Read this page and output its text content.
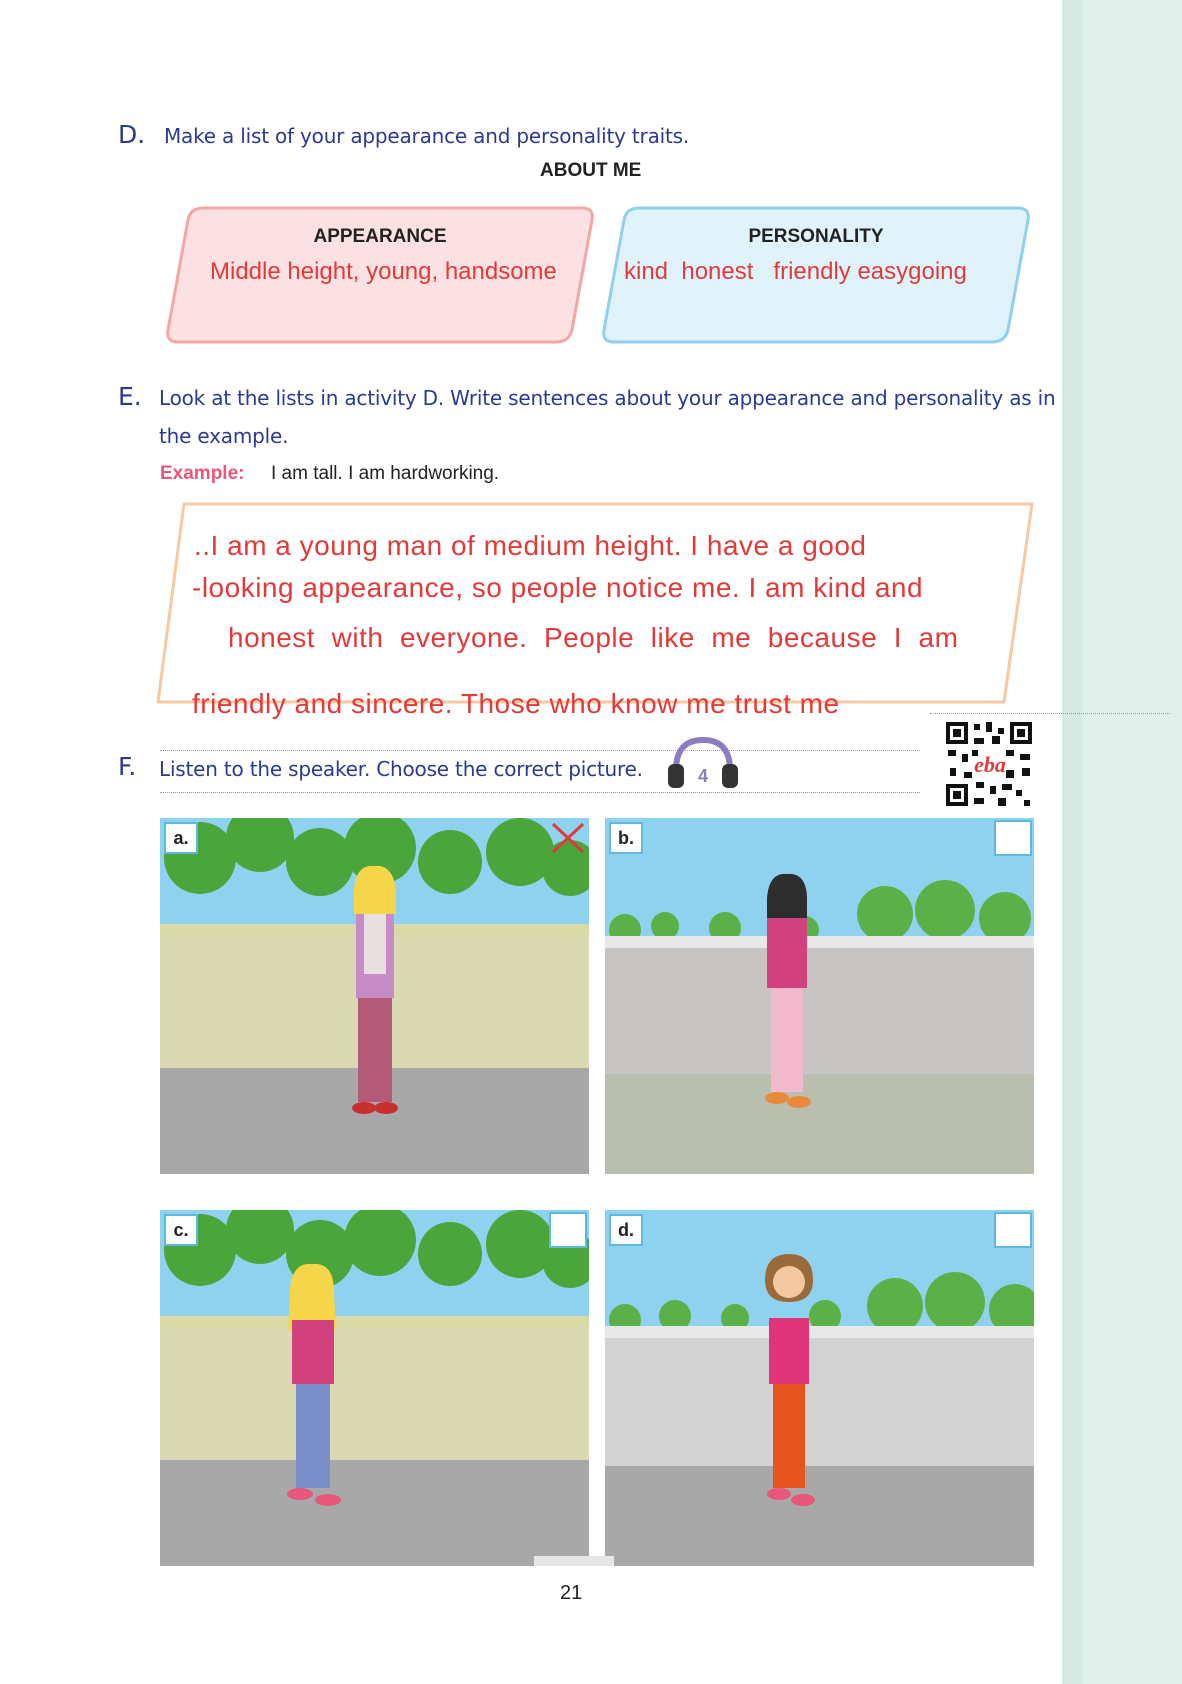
D. Make a list of your appearance and personality traits.
ABOUT ME
APPEARANCE
Middle height, young, handsome
PERSONALITY
kind  honest   friendly easygoing
E. Look at the lists in activity D. Write sentences about your appearance and personality as in
the example.
Example: I am tall. I am hardworking.
..I am a young man of medium height. I have a good
-looking appearance, so people notice me. I am kind and
honest  with  everyone.  People  like  me  because  I  am
friendly and sincere. Those who know me trust me
F. Listen to the speaker. Choose the correct picture.	4	eba
a.	b.
c.	d.
21
